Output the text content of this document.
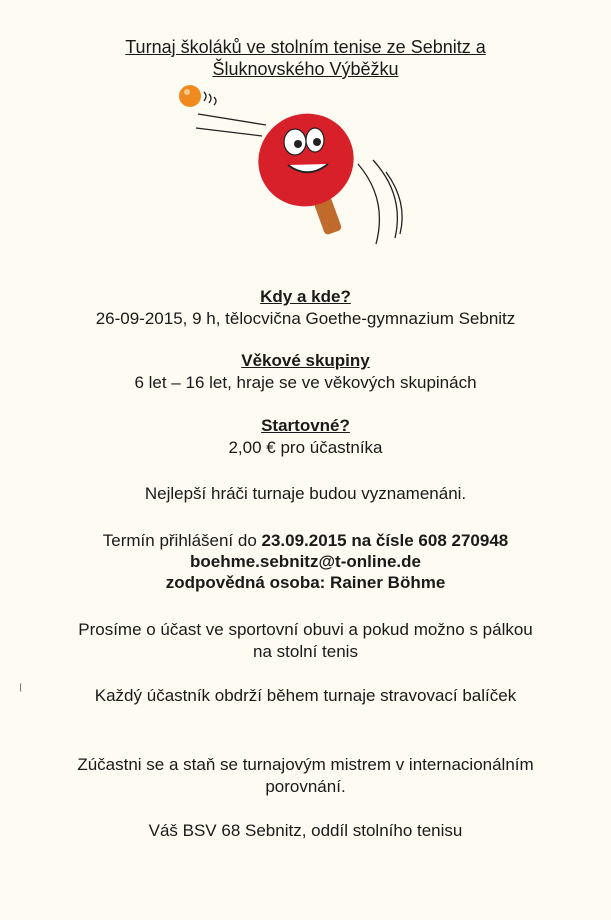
Turnaj školáků ve stolním tenise ze Sebnitz a
Šluknovského Výběžku
Kdy a kde?
26-09-2015, 9 h, tělocvična Goethe-gymnazium Sebnitz
Věkové skupiny
6 let – 16 let, hraje se ve věkových skupinách
Startovné?
2,00 € pro účastníka
Nejlepší hráči turnaje budou vyznamenáni.
Termín přihlášení do 23.09.2015 na čísle 608 270948
boehme.sebnitz@t-online.de
zodpovědná osoba: Rainer Böhme
Prosíme o účast ve sportovní obuvi a pokud možno s pálkou
na stolní tenis
Každý účastník obdrží během turnaje stravovací balíček
Zúčastni se a staň se turnajovým mistrem v internacionálním
porovnání.
Váš BSV 68 Sebnitz, oddíl stolního tenisu
